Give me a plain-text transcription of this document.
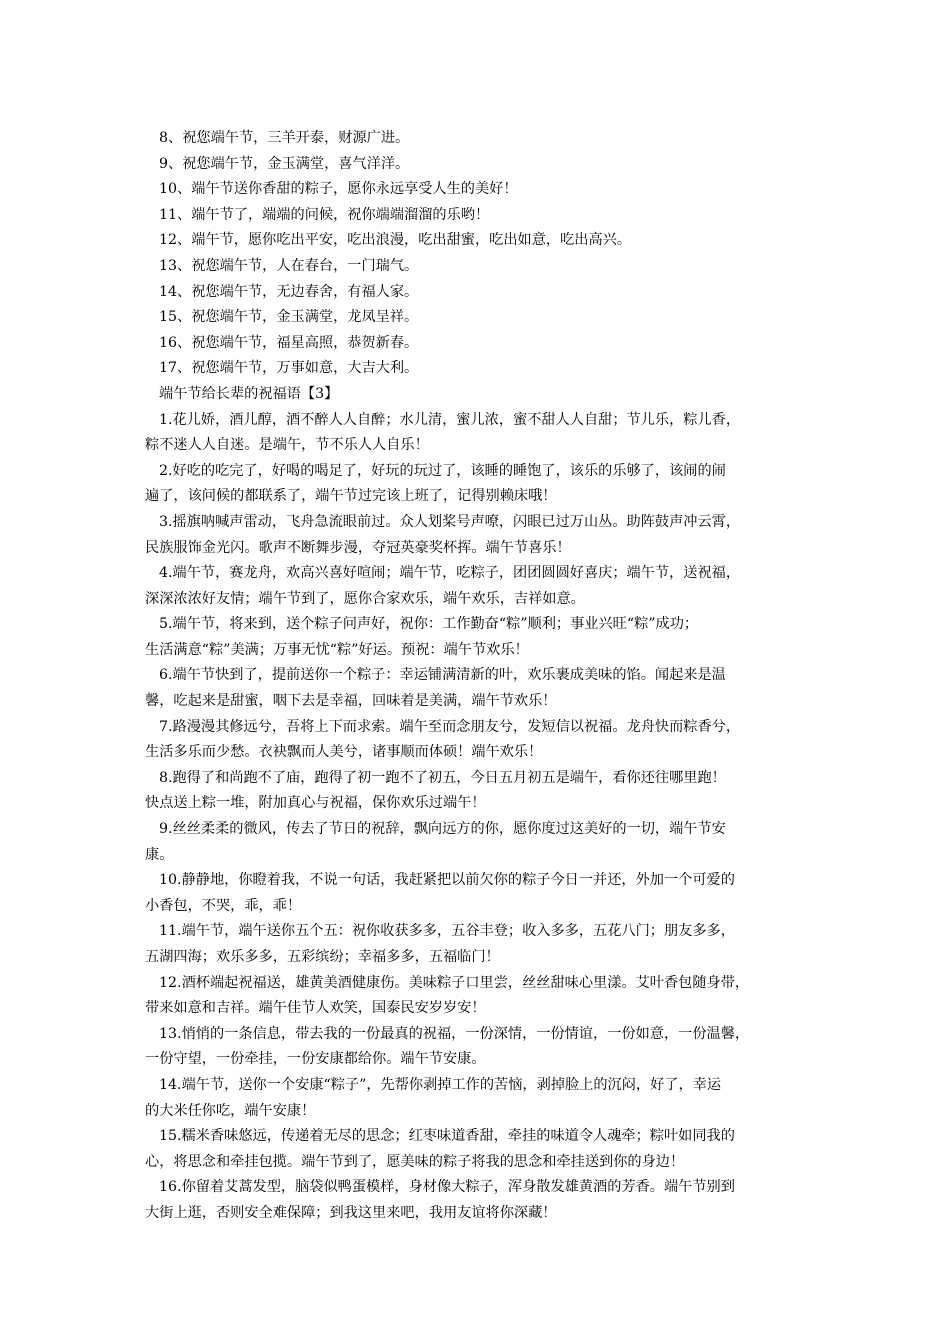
8、祝您端午节，三羊开泰，财源广进。
9、祝您端午节，金玉满堂，喜气洋洋。
10、端午节送你香甜的粽子，愿你永远享受人生的美好！
11、端午节了，端端的问候，祝你端端溜溜的乐哟！
12、端午节，愿你吃出平安，吃出浪漫，吃出甜蜜，吃出如意，吃出高兴。
13、祝您端午节，人在春台，一门瑞气。
14、祝您端午节，无边春舍，有福人家。
15、祝您端午节，金玉满堂，龙凤呈祥。
16、祝您端午节，福星高照，恭贺新春。
17、祝您端午节，万事如意，大吉大利。
端午节给长辈的祝福语【3】
1.花儿娇，酒儿醇，酒不醉人人自醉；水儿清，蜜儿浓，蜜不甜人人自甜；节儿乐，粽儿香，
粽不迷人人自迷。是端午，节不乐人人自乐！
2.好吃的吃完了，好喝的喝足了，好玩的玩过了，该睡的睡饱了，该乐的乐够了，该闹的闹
遍了，该问候的都联系了，端午节过完该上班了，记得别赖床哦！
3.摇旗呐喊声雷动，飞舟急流眼前过。众人划桨号声嘹，闪眼已过万山丛。助阵鼓声冲云霄，
民族服饰金光闪。歌声不断舞步漫，夺冠英豪奖杯挥。端午节喜乐！
4.端午节，赛龙舟，欢高兴喜好喧闹；端午节，吃粽子，团团圆圆好喜庆；端午节，送祝福，
深深浓浓好友情；端午节到了，愿你合家欢乐，端午欢乐，吉祥如意。
5.端午节，将来到，送个粽子问声好，祝你：工作勤奋“粽”顺利；事业兴旺“粽”成功；
生活满意“粽”美满；万事无忧“粽”好运。预祝：端午节欢乐！
6.端午节快到了，提前送你一个粽子：幸运铺满清新的叶，欢乐裹成美味的馅。闻起来是温
馨，吃起来是甜蜜，咽下去是幸福，回味着是美满，端午节欢乐！
7.路漫漫其修远兮，吾将上下而求索。端午至而念朋友兮，发短信以祝福。龙舟快而粽香兮，
生活多乐而少愁。衣袂飘而人美兮，诸事顺而体硕！端午欢乐！
8.跑得了和尚跑不了庙，跑得了初一跑不了初五，今日五月初五是端午，看你还往哪里跑！
快点送上粽一堆，附加真心与祝福，保你欢乐过端午！
9.丝丝柔柔的微风，传去了节日的祝辞，飘向远方的你，愿你度过这美好的一切，端午节安
康。
10.静静地，你瞪着我，不说一句话，我赶紧把以前欠你的粽子今日一并还，外加一个可爱的
小香包，不哭，乖，乖！
11.端午节，端午送你五个五：祝你收获多多，五谷丰登；收入多多，五花八门；朋友多多，
五湖四海；欢乐多多，五彩缤纷；幸福多多，五福临门！
12.酒杯端起祝福送，雄黄美酒健康伤。美味粽子口里尝，丝丝甜味心里漾。艾叶香包随身带，
带来如意和吉祥。端午佳节人欢笑，国泰民安岁岁安！
13.悄悄的一条信息，带去我的一份最真的祝福，一份深情，一份情谊，一份如意，一份温馨，
一份守望，一份牵挂，一份安康都给你。端午节安康。
14.端午节，送你一个安康“粽子”，先帮你剥掉工作的苦恼，剥掉脸上的沉闷，好了，幸运
的大米任你吃，端午安康！
15.糯米香味悠远，传递着无尽的思念；红枣味道香甜，牵挂的味道令人魂牵；粽叶如同我的
心，将思念和牵挂包揽。端午节到了，愿美味的粽子将我的思念和牵挂送到你的身边！
16.你留着艾蒿发型，脑袋似鸭蛋模样，身材像大粽子，浑身散发雄黄酒的芳香。端午节别到
大街上逛，否则安全难保障；到我这里来吧，我用友谊将你深藏！
